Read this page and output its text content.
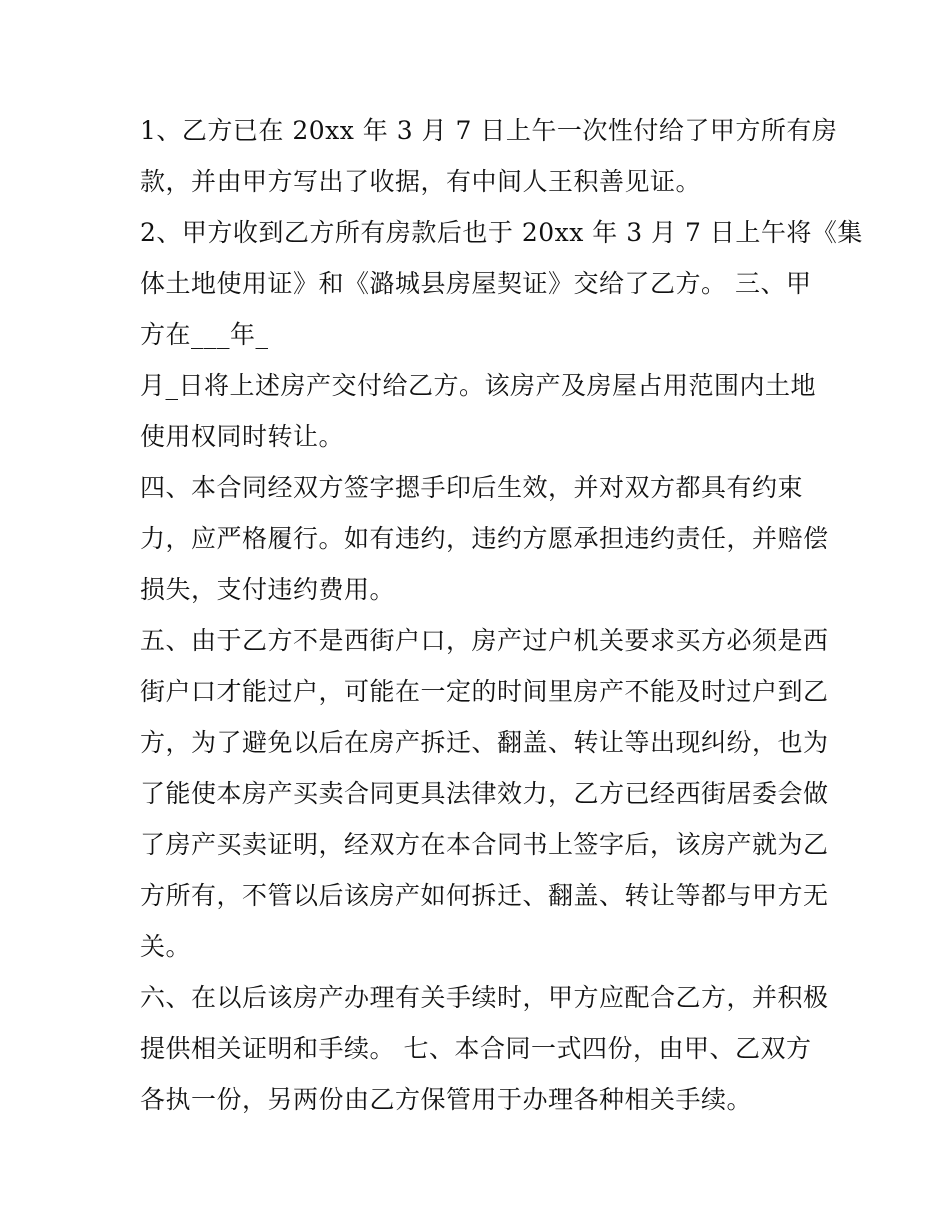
1、乙方已在 20xx 年 3 月 7 日上午一次性付给了甲方所有房
款，并由甲方写出了收据，有中间人王积善见证。
2、甲方收到乙方所有房款后也于 20xx 年 3 月 7 日上午将《集
体土地使用证》和《潞城县房屋契证》交给了乙方。 三、甲
方在___年_
月_日将上述房产交付给乙方。该房产及房屋占用范围内土地
使用权同时转让。
四、本合同经双方签字摁手印后生效，并对双方都具有约束
力，应严格履行。如有违约，违约方愿承担违约责任，并赔偿
损失，支付违约费用。
五、由于乙方不是西街户口，房产过户机关要求买方必须是西
街户口才能过户，可能在一定的时间里房产不能及时过户到乙
方，为了避免以后在房产拆迁、翻盖、转让等出现纠纷，也为
了能使本房产买卖合同更具法律效力，乙方已经西街居委会做
了房产买卖证明，经双方在本合同书上签字后，该房产就为乙
方所有，不管以后该房产如何拆迁、翻盖、转让等都与甲方无
关。
六、在以后该房产办理有关手续时，甲方应配合乙方，并积极
提供相关证明和手续。 七、本合同一式四份，由甲、乙双方
各执一份，另两份由乙方保管用于办理各种相关手续。
